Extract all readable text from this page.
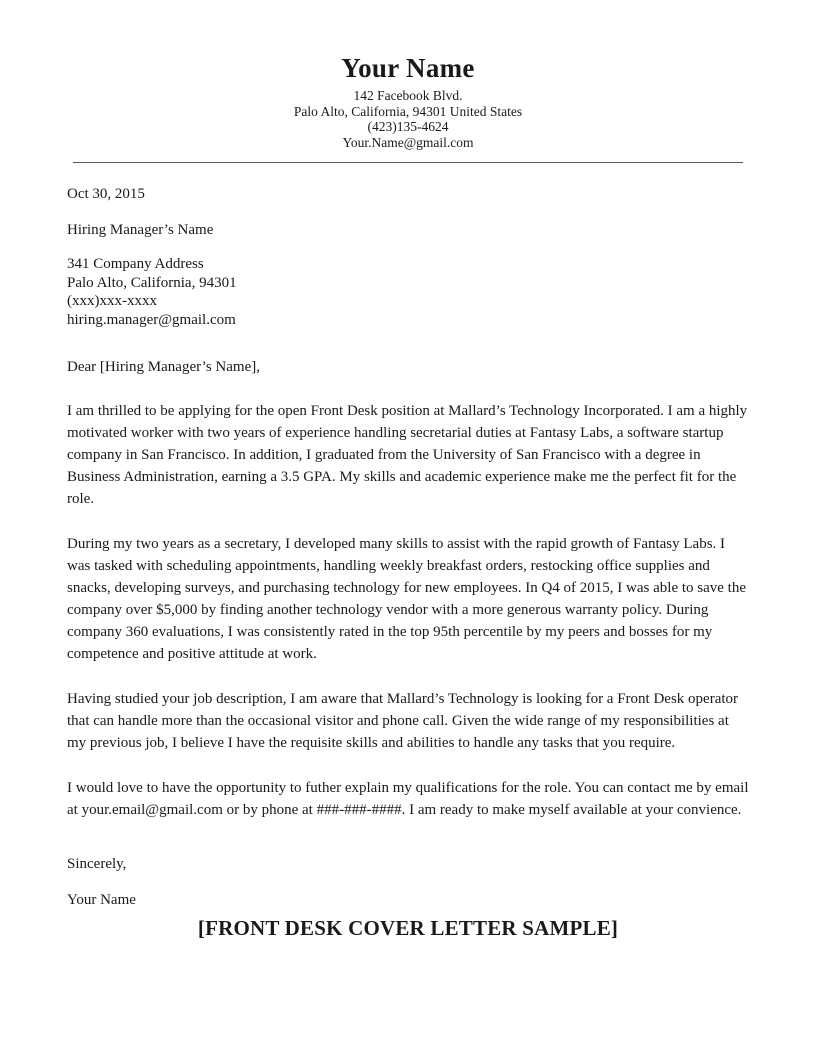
Your Name
142 Facebook Blvd.
Palo Alto, California, 94301 United States
(423)135-4624
Your.Name@gmail.com
Oct 30, 2015
Hiring Manager’s Name
341 Company Address
Palo Alto, California, 94301
(xxx)xxx-xxxx
hiring.manager@gmail.com
Dear [Hiring Manager’s Name],

I am thrilled to be applying for the open Front Desk position at Mallard’s Technology Incorporated. I am a highly motivated worker with two years of experience handling secretarial duties at Fantasy Labs, a software startup company in San Francisco. In addition, I graduated from the University of San Francisco with a degree in Business Administration, earning a 3.5 GPA. My skills and academic experience make me the perfect fit for the role.

During my two years as a secretary, I developed many skills to assist with the rapid growth of Fantasy Labs. I was tasked with scheduling appointments, handling weekly breakfast orders, restocking office supplies and snacks, developing surveys, and purchasing technology for new employees. In Q4 of 2015, I was able to save the company over $5,000 by finding another technology vendor with a more generous warranty policy. During company 360 evaluations, I was consistently rated in the top 95th percentile by my peers and bosses for my competence and positive attitude at work.

Having studied your job description, I am aware that Mallard’s Technology is looking for a Front Desk operator that can handle more than the occasional visitor and phone call. Given the wide range of my responsibilities at my previous job, I believe I have the requisite skills and abilities to handle any tasks that you require.

I would love to have the opportunity to futher explain my qualifications for the role. You can contact me by email at your.email@gmail.com or by phone at ###-###-####. I am ready to make myself available at your convience.

Sincerely,
Your Name
[FRONT DESK COVER LETTER SAMPLE]
